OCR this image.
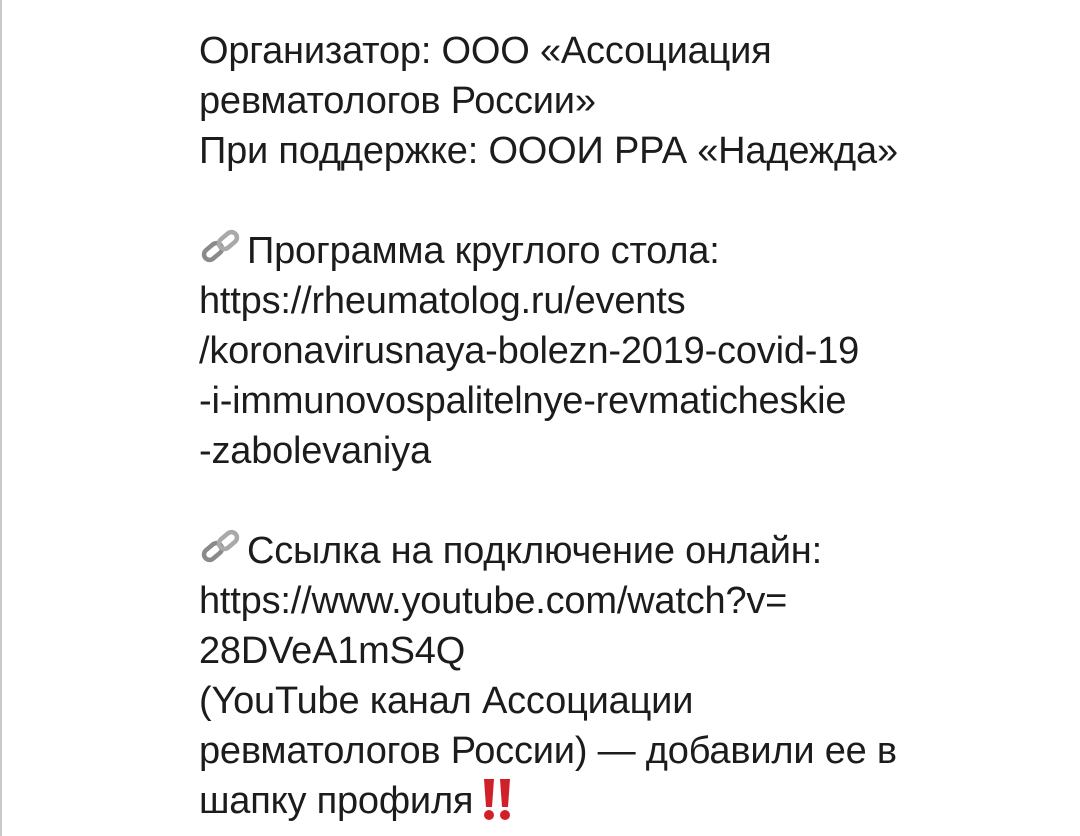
Организатор: ООО «Ассоциация
ревматологов России»
При поддержке: ОООИ РРА «Надежда»
Программа круглого стола:
https://rheumatolog.ru/events
/koronavirusnaya-bolezn-2019-covid-19
-i-immunovospalitelnye-revmaticheskie
-zabolevaniya
Ссылка на подключение онлайн:
https://www.youtube.com/watch?v=
28DVeA1mS4Q
(YouTube канал Ассоциации
ревматологов России) — добавили ее в
шапку профиля
